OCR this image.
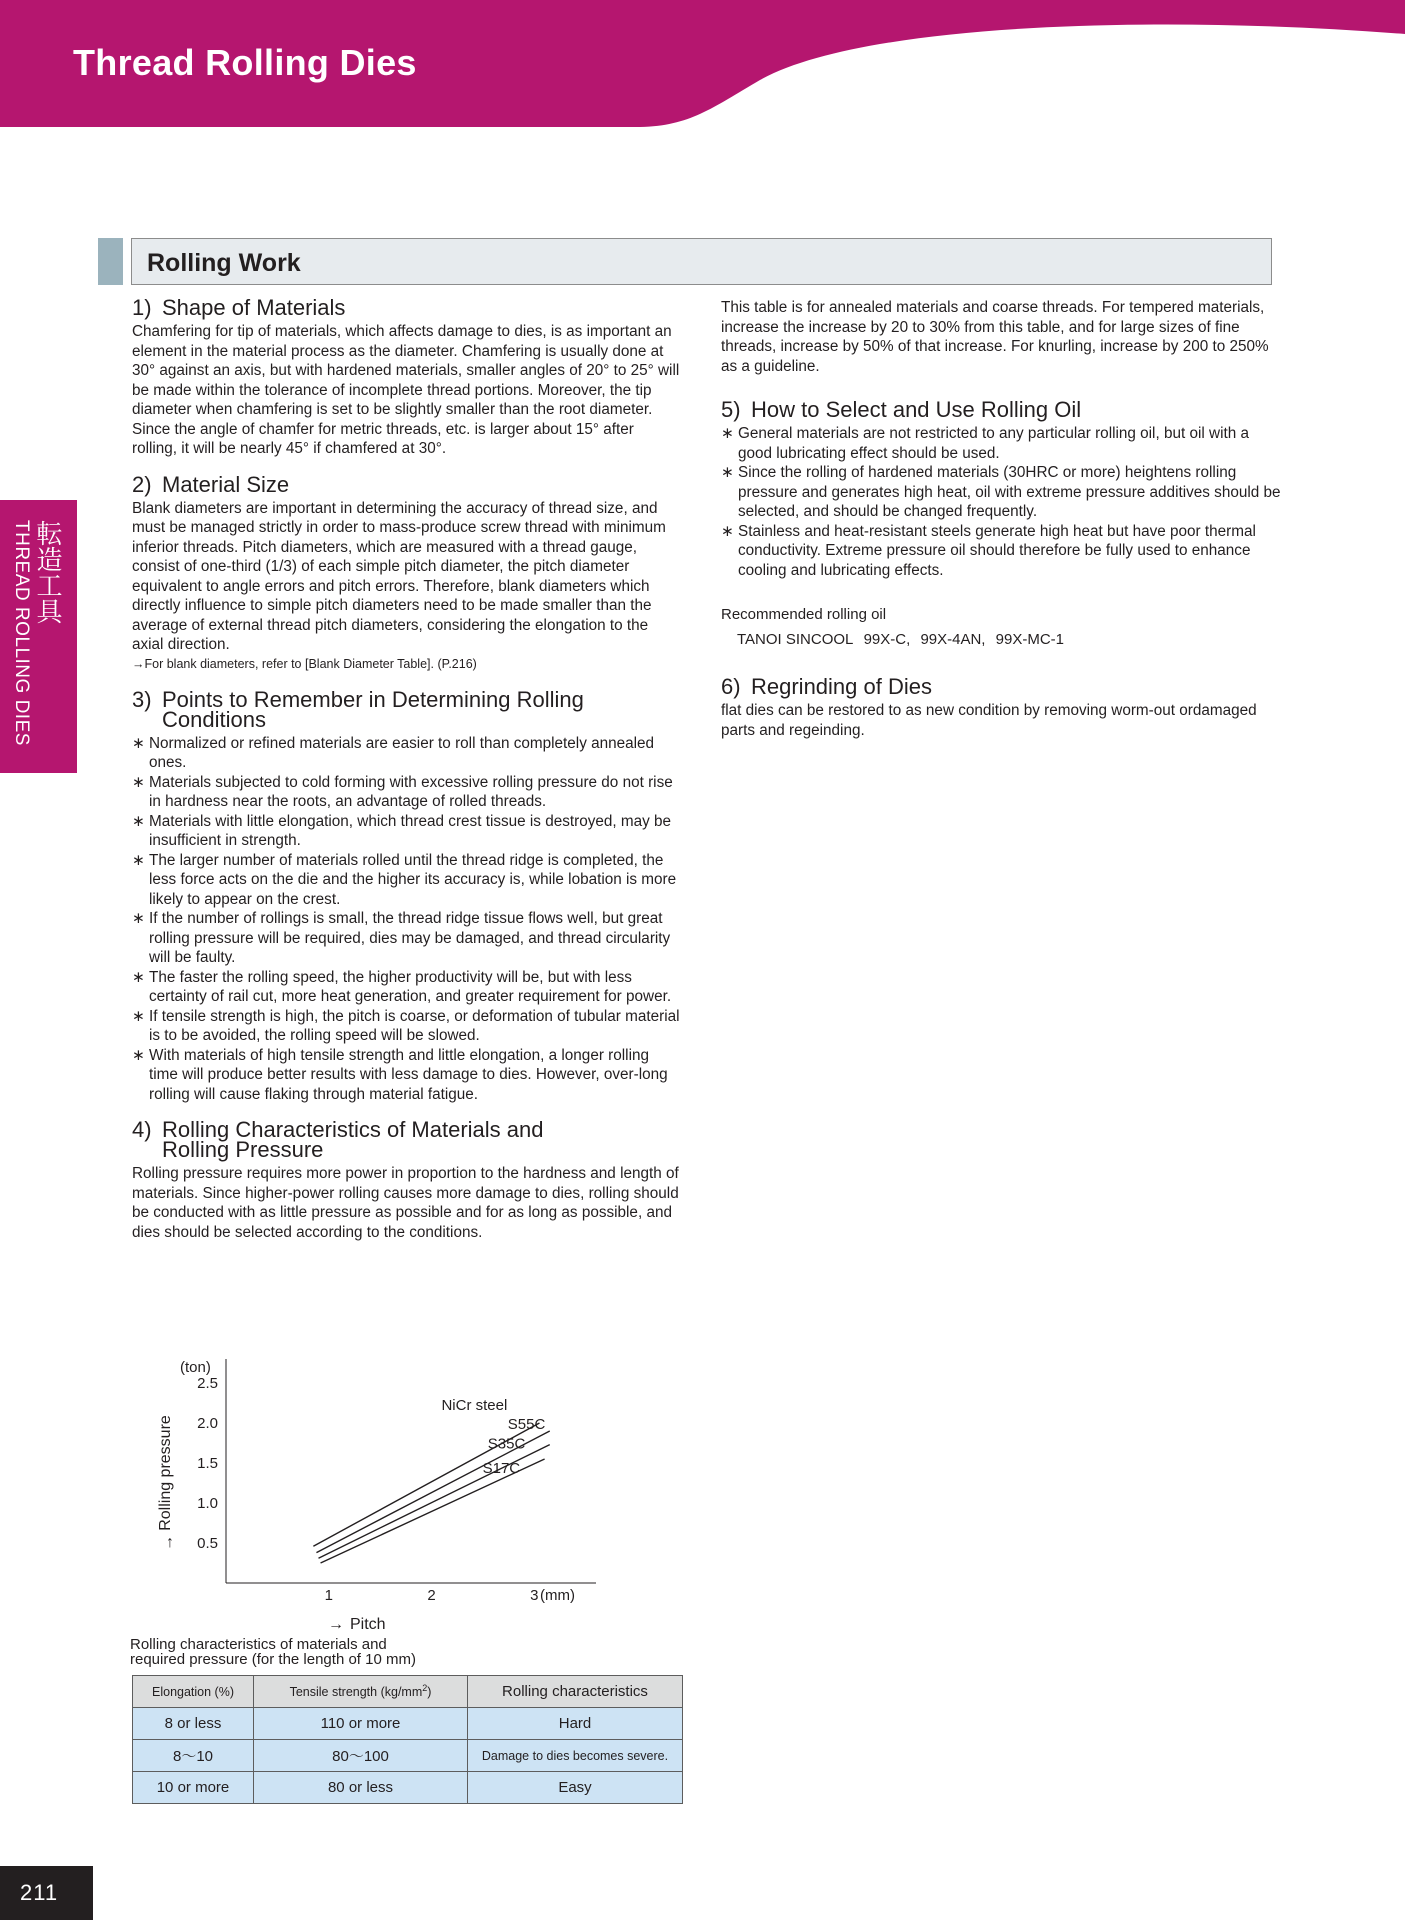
Thread Rolling Dies
転造工具
THREAD ROLLING DIES
Rolling Work
1) Shape of Materials
Chamfering for tip of materials, which affects damage to dies, is as important an element in the material process as the diameter. Chamfering is usually done at 30° against an axis, but with hardened materials, smaller angles of 20° to 25° will be made within the tolerance of incomplete thread portions. Moreover, the tip diameter when chamfering is set to be slightly smaller than the root diameter. Since the angle of chamfer for metric threads, etc. is larger about 15° after rolling, it will be nearly 45° if chamfered at 30°.
2) Material Size
Blank diameters are important in determining the accuracy of thread size, and must be managed strictly in order to mass-produce screw thread with minimum inferior threads. Pitch diameters, which are measured with a thread gauge, consist of one-third (1/3) of each simple pitch diameter, the pitch diameter equivalent to angle errors and pitch errors. Therefore, blank diameters which directly influence to simple pitch diameters need to be made smaller than the average of external thread pitch diameters, considering the elongation to the axial direction.
→For blank diameters, refer to [Blank Diameter Table]. (P.216)
3) Points to Remember in Determining Rolling
Conditions
∗ Normalized or refined materials are easier to roll than completely annealed ones.
∗ Materials subjected to cold forming with excessive rolling pressure do not rise in hardness near the roots, an advantage of rolled threads.
∗ Materials with little elongation, which thread crest tissue is destroyed, may be insufficient in strength.
∗ The larger number of materials rolled until the thread ridge is completed, the less force acts on the die and the higher its accuracy is, while lobation is more likely to appear on the crest.
∗ If the number of rollings is small, the thread ridge tissue flows well, but great rolling pressure will be required, dies may be damaged, and thread circularity will be faulty.
∗ The faster the rolling speed, the higher productivity will be, but with less certainty of rail cut, more heat generation, and greater requirement for power.
∗ If tensile strength is high, the pitch is coarse, or deformation of tubular material is to be avoided, the rolling speed will be slowed.
∗ With materials of high tensile strength and little elongation, a longer rolling time will produce better results with less damage to dies. However, over-long rolling will cause flaking through material fatigue.
4) Rolling Characteristics of Materials and
Rolling Pressure
Rolling pressure requires more power in proportion to the hardness and length of materials. Since higher-power rolling causes more damage to dies, rolling should be conducted with as little pressure as possible and for as long as possible, and dies should be selected according to the conditions.
This table is for annealed materials and coarse threads. For tempered materials, increase the increase by 20 to 30% from this table, and for large sizes of fine threads, increase by 50% of that increase. For knurling, increase by 200 to 250% as a guideline.
5) How to Select and Use Rolling Oil
∗ General materials are not restricted to any particular rolling oil, but oil with a good lubricating effect should be used.
∗ Since the rolling of hardened materials (30HRC or more) heightens rolling pressure and generates high heat, oil with extreme pressure additives should be selected, and should be changed frequently.
∗ Stainless and heat-resistant steels generate high heat but have poor thermal conductivity. Extreme pressure oil should therefore be fully used to enhance cooling and lubricating effects.
Recommended rolling oil
TANOI SINCOOL 99X-C, 99X-4AN, 99X-MC-1
6) Regrinding of Dies
flat dies can be restored to as new condition by removing worm-out ordamaged parts and regeinding.
↑
Rolling pressure
(ton)
(mm)
→ Pitch
0.5
1.0
1.5
2.0
2.5
1	2	3
NiCr steel
S55C
S35C
S17C
Rolling characteristics of materials and
required pressure (for the length of 10 mm)
Elongation (%)	Tensile strength $(kg/mm^2)$	Rolling characteristics
8 or less	110 or more	Hard
8～10	80～100	Damage to dies becomes severe.
10 or more	80 or less	Easy
211
